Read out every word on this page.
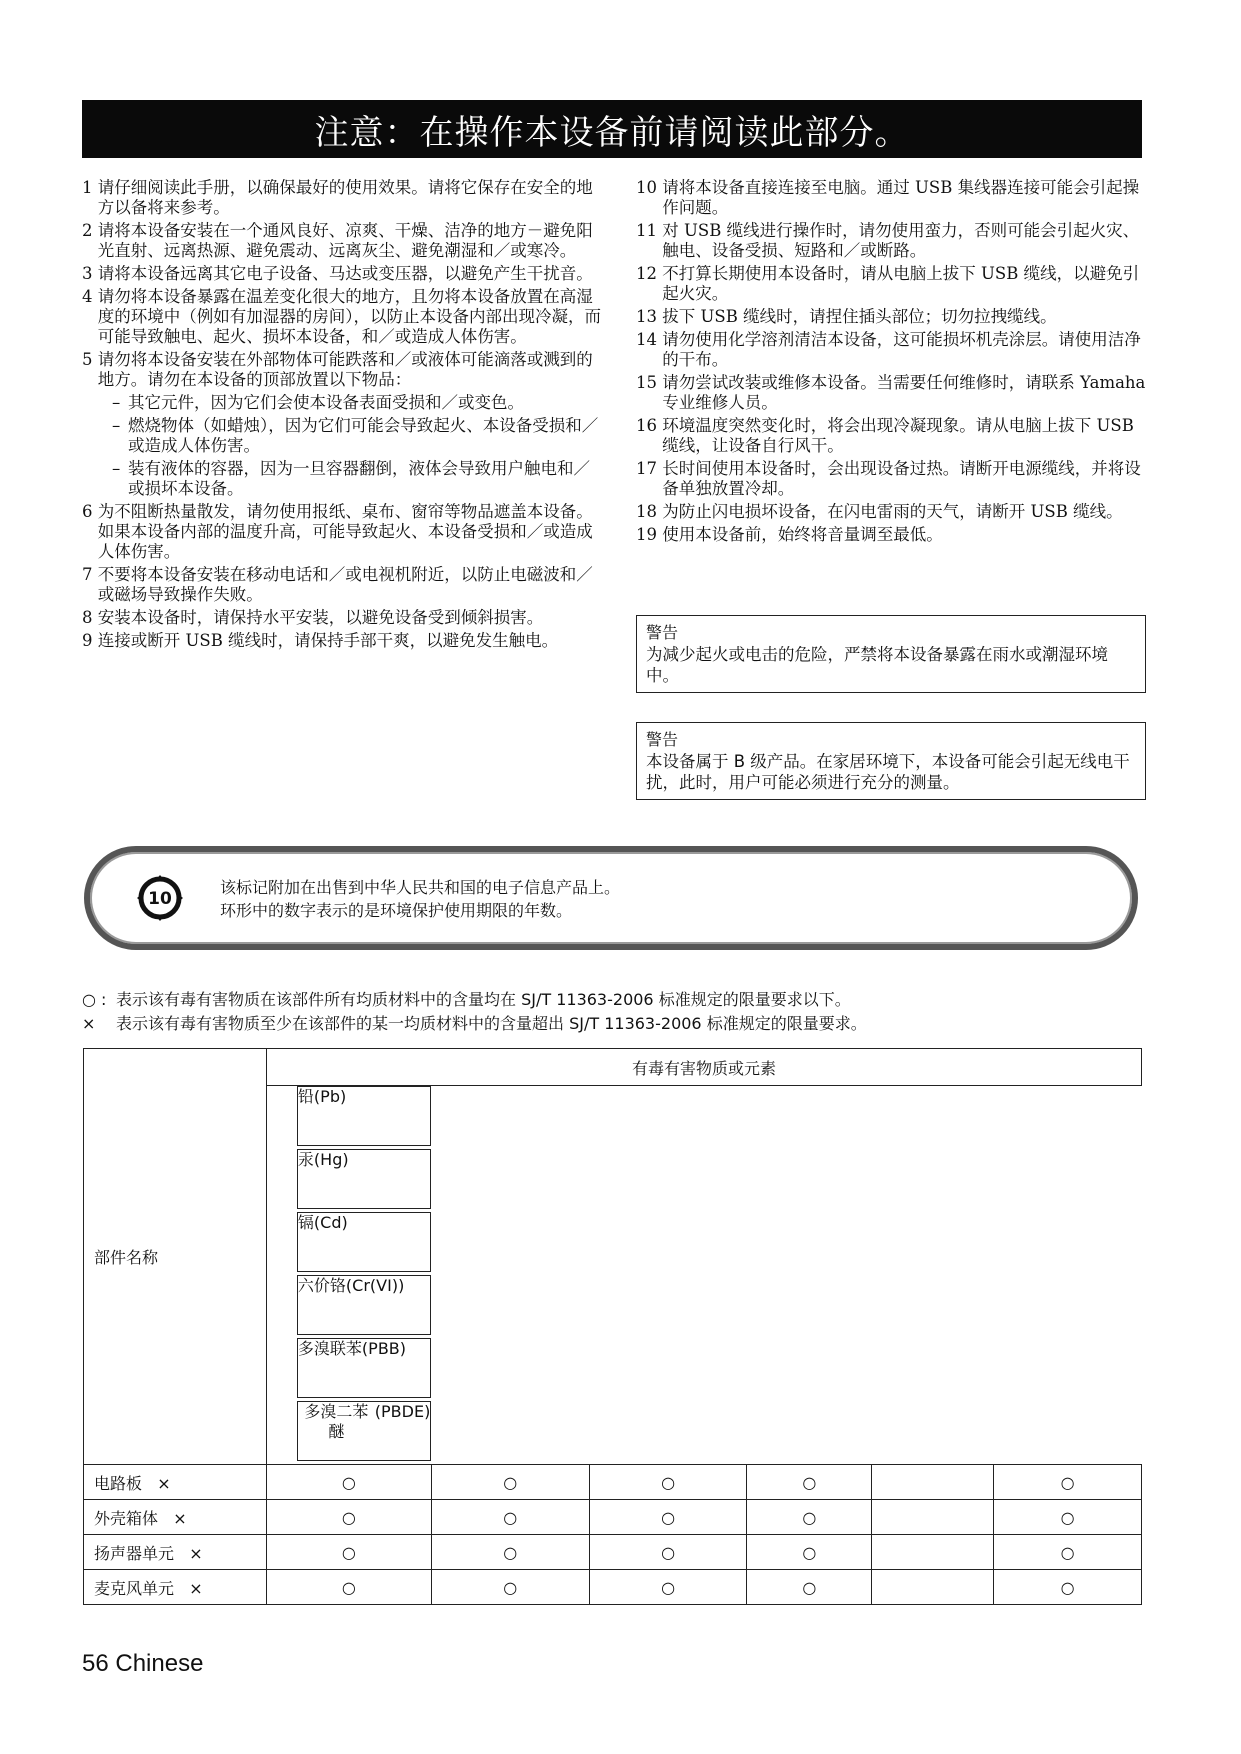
注意：在操作本设备前请阅读此部分。
1
请仔细阅读此手册，以确保最好的使用效果。请将它保存在安全的地方以备将来参考。
2
请将本设备安装在一个通风良好、凉爽、干燥、洁净的地方－避免阳光直射、远离热源、避免震动、远离灰尘、避免潮湿和／或寒冷。
3
请将本设备远离其它电子设备、马达或变压器，以避免产生干扰音。
4
请勿将本设备暴露在温差变化很大的地方，且勿将本设备放置在高湿度的环境中（例如有加湿器的房间），以防止本设备内部出现冷凝，而可能导致触电、起火、损坏本设备，和／或造成人体伤害。
5
请勿将本设备安装在外部物体可能跌落和／或液体可能滴落或溅到的地方。请勿在本设备的顶部放置以下物品：
– 其它元件，因为它们会使本设备表面受损和／或变色。
– 燃烧物体（如蜡烛），因为它们可能会导致起火、本设备受损和／或造成人体伤害。
– 装有液体的容器，因为一旦容器翻倒，液体会导致用户触电和／或损坏本设备。
6
为不阻断热量散发，请勿使用报纸、桌布、窗帘等物品遮盖本设备。如果本设备内部的温度升高，可能导致起火、本设备受损和／或造成人体伤害。
7
不要将本设备安装在移动电话和／或电视机附近，以防止电磁波和／或磁场导致操作失败。
8
安装本设备时，请保持水平安装，以避免设备受到倾斜损害。
9
连接或断开 USB 缆线时，请保持手部干爽，以避免发生触电。
10
请将本设备直接连接至电脑。通过 USB 集线器连接可能会引起操作问题。
11
对 USB 缆线进行操作时，请勿使用蛮力，否则可能会引起火灾、触电、设备受损、短路和／或断路。
12
不打算长期使用本设备时，请从电脑上拔下 USB 缆线，以避免引起火灾。
13
拔下 USB 缆线时，请捏住插头部位；切勿拉拽缆线。
14
请勿使用化学溶剂清洁本设备，这可能损坏机壳涂层。请使用洁净的干布。
15
请勿尝试改装或维修本设备。当需要任何维修时，请联系 Yamaha 专业维修人员。
16
环境温度突然变化时，将会出现冷凝现象。请从电脑上拔下 USB 缆线，让设备自行风干。
17
长时间使用本设备时，会出现设备过热。请断开电源缆线，并将设备单独放置冷却。
18
为防止闪电损坏设备，在闪电雷雨的天气，请断开 USB 缆线。
19
使用本设备前，始终将音量调至最低。
警告
为减少起火或电击的危险，严禁将本设备暴露在雨水或潮湿环境中。
警告
本设备属于 B 级产品。在家居环境下，本设备可能会引起无线电干扰，此时，用户可能必须进行充分的测量。
10
该标记附加在出售到中华人民共和国的电子信息产品上。
环形中的数字表示的是环境保护使用期限的年数。
○ : 表示该有毒有害物质在该部件所有均质材料中的含量均在 SJ/T 11363-2006 标准规定的限量要求以下。
×	表示该有毒有害物质至少在该部件的某一均质材料中的含量超出 SJ/T 11363-2006 标准规定的限量要求。
部件名称	有毒有害物质或元素					

铅 (Pb)
汞 (Hg)
镉 (Cd)
六价铬 (Cr(VI))
多溴联苯 (PBB)
多溴二苯醚
(PBDE)

电路板 ×	○	○	○	○		○
外壳箱体 ×	○	○	○	○		○
扬声器单元 ×	○	○	○	○		○
麦克风单元 ×	○	○	○	○		○
56 Chinese
